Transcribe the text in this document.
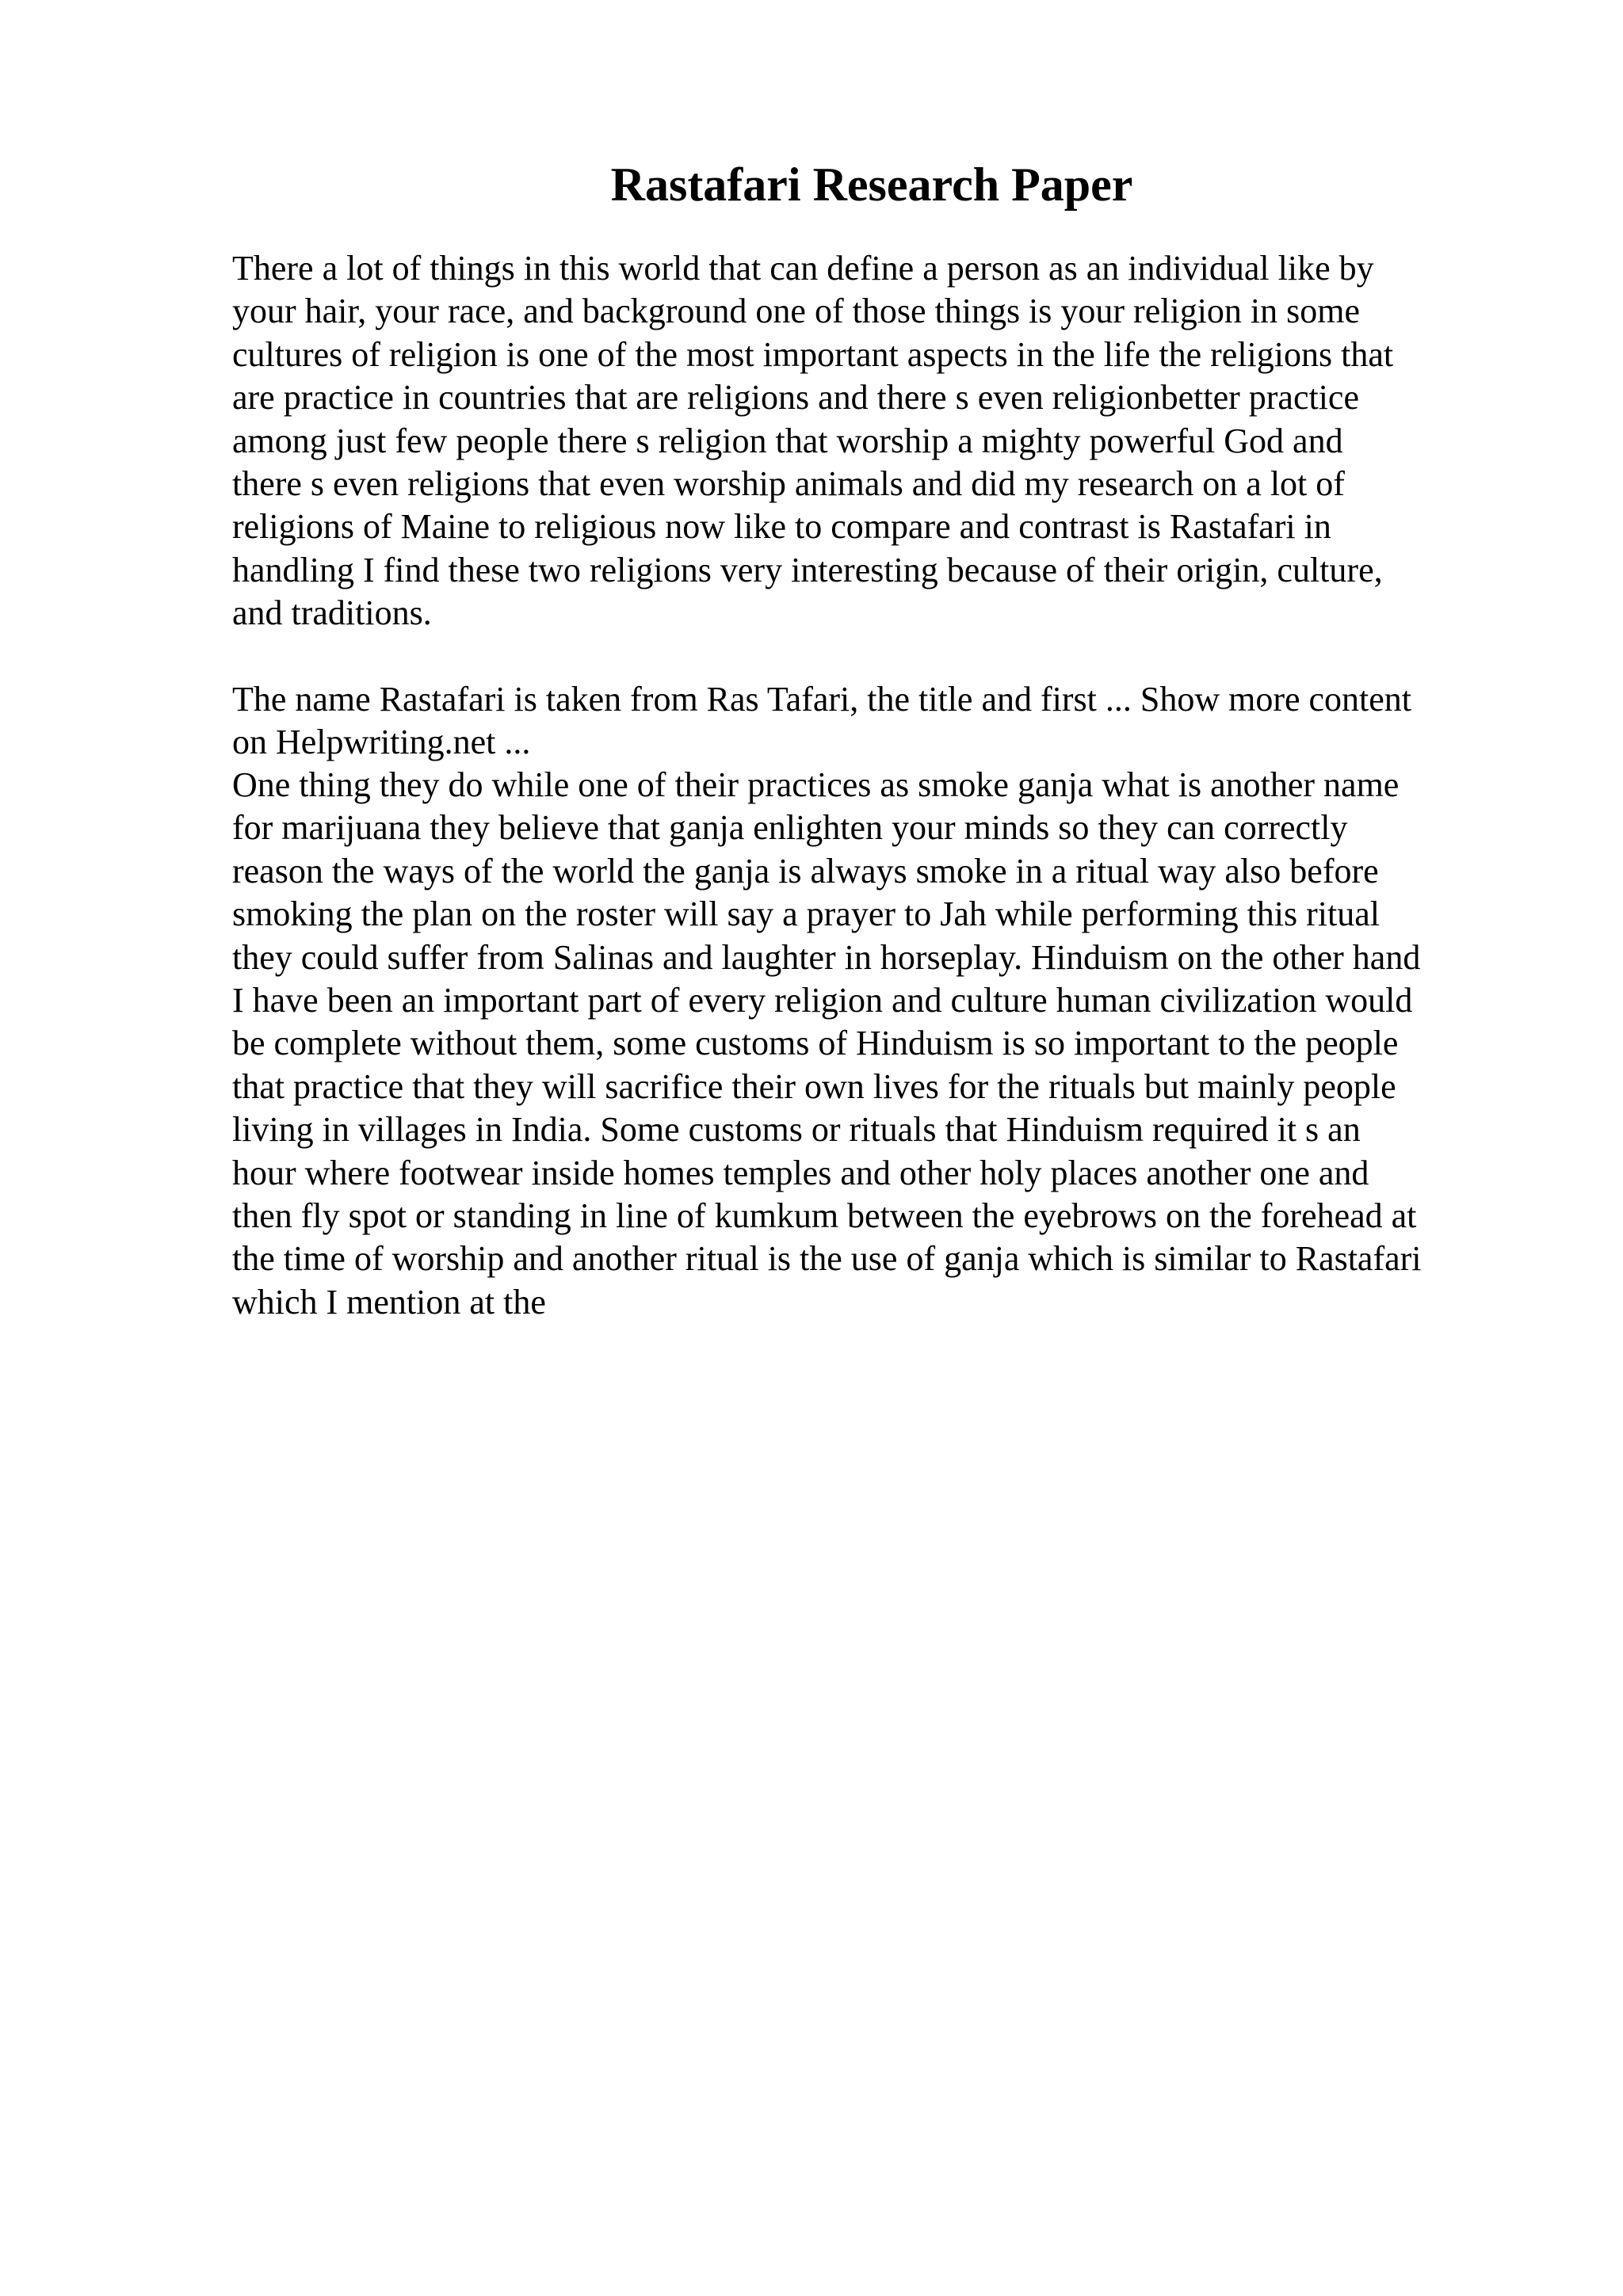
Rastafari Research Paper
There a lot of things in this world that can define a person as an individual like by
your hair, your race, and background one of those things is your religion in some
cultures of religion is one of the most important aspects in the life the religions that
are practice in countries that are religions and there s even religionbetter practice
among just few people there s religion that worship a mighty powerful God and
there s even religions that even worship animals and did my research on a lot of
religions of Maine to religious now like to compare and contrast is Rastafari in
handling I find these two religions very interesting because of their origin, culture,
and traditions.
The name Rastafari is taken from Ras Tafari, the title and first ... Show more content
on Helpwriting.net ...
One thing they do while one of their practices as smoke ganja what is another name
for marijuana they believe that ganja enlighten your minds so they can correctly
reason the ways of the world the ganja is always smoke in a ritual way also before
smoking the plan on the roster will say a prayer to Jah while performing this ritual
they could suffer from Salinas and laughter in horseplay. Hinduism on the other hand
I have been an important part of every religion and culture human civilization would
be complete without them, some customs of Hinduism is so important to the people
that practice that they will sacrifice their own lives for the rituals but mainly people
living in villages in India. Some customs or rituals that Hinduism required it s an
hour where footwear inside homes temples and other holy places another one and
then fly spot or standing in line of kumkum between the eyebrows on the forehead at
the time of worship and another ritual is the use of ganja which is similar to Rastafari
which I mention at the
